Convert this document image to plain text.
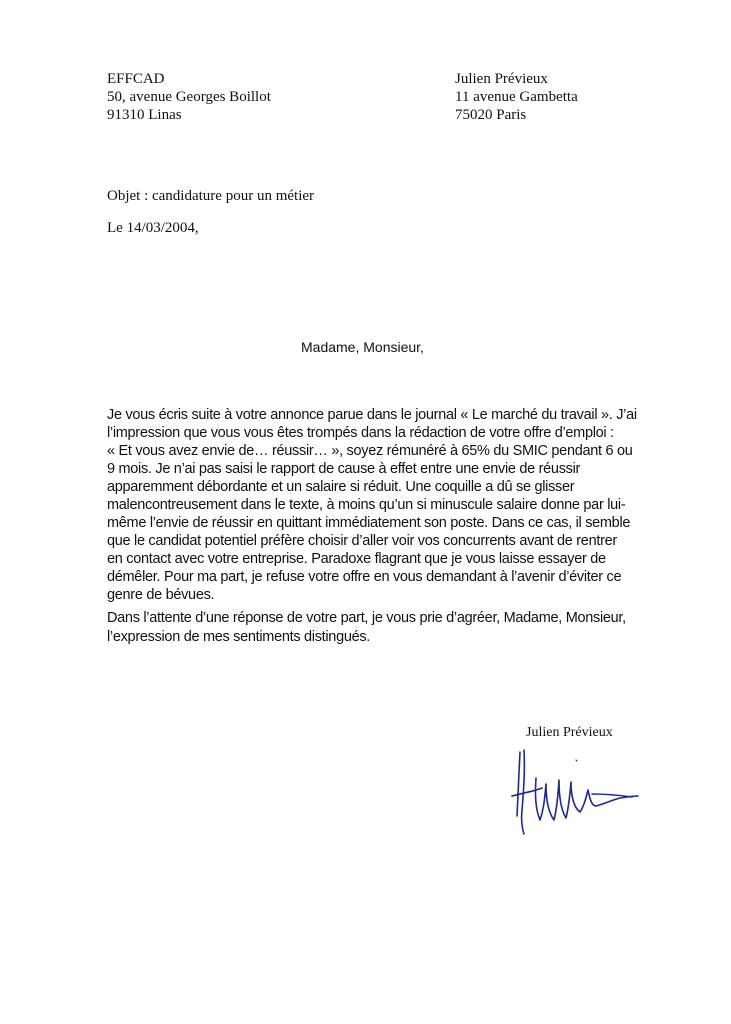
EFFCAD
50, avenue Georges Boillot
91310 Linas
Julien Prévieux
11 avenue Gambetta
75020 Paris
Objet : candidature pour un métier
Le 14/03/2004,
Madame, Monsieur,
Je vous écris suite à votre annonce parue dans le journal « Le marché du travail ». J’ai
l’impression que vous vous êtes trompés dans la rédaction de votre offre d’emploi :
« Et vous avez envie de… réussir… », soyez rémunéré à 65% du SMIC pendant 6 ou
9 mois. Je n’ai pas saisi le rapport de cause à effet entre une envie de réussir
apparemment débordante et un salaire si réduit. Une coquille a dû se glisser
malencontreusement dans le texte, à moins qu’un si minuscule salaire donne par lui-
même l’envie de réussir en quittant immédiatement son poste. Dans ce cas, il semble
que le candidat potentiel préfère choisir d’aller voir vos concurrents avant de rentrer
en contact avec votre entreprise. Paradoxe flagrant que je vous laisse essayer de
démêler. Pour ma part, je refuse votre offre en vous demandant à l’avenir d’éviter ce
genre de bévues.
Dans l’attente d’une réponse de votre part, je vous prie d’agréer, Madame, Monsieur,
l’expression de mes sentiments distingués.
Julien Prévieux
